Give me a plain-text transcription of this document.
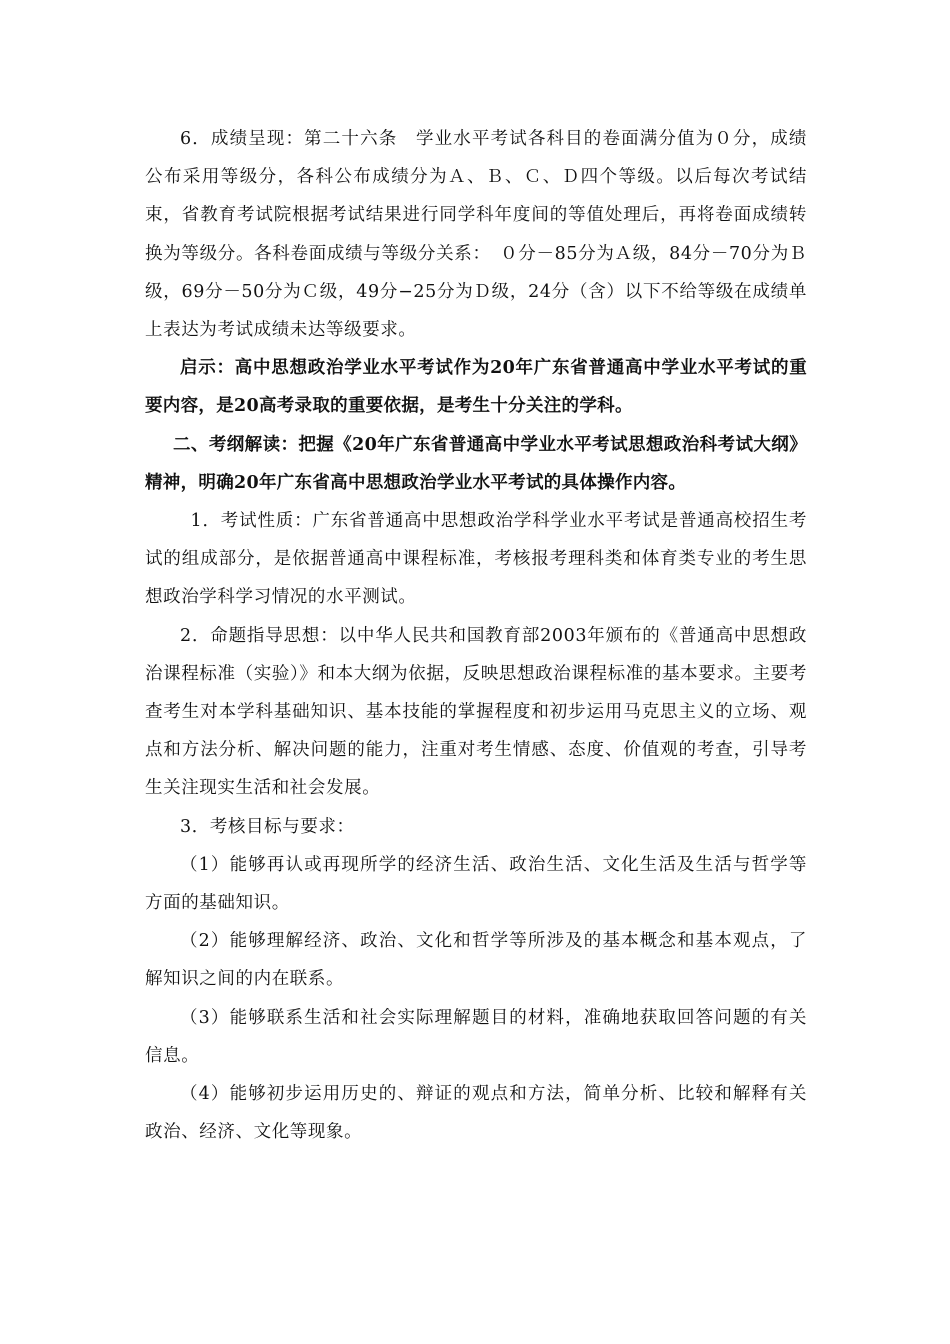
6．成绩呈现：第二十六条　学业水平考试各科目的卷面满分值为０分，成绩公布采用等级分，各科公布成绩分为Ａ、Ｂ、Ｃ、Ｄ四个等级。以后每次考试结束，省教育考试院根据考试结果进行同学科年度间的等值处理后，再将卷面成绩转换为等级分。各科卷面成绩与等级分关系：　０分－85分为Ａ级，84分－70分为Ｂ级，69分－50分为Ｃ级，49分−25分为Ｄ级，24分（含）以下不给等级在成绩单上表达为考试成绩未达等级要求。

启示：高中思想政治学业水平考试作为20年广东省普通高中学业水平考试的重要内容，是20高考录取的重要依据，是考生十分关注的学科。

二、考纲解读：把握《20年广东省普通高中学业水平考试思想政治科考试大纲》精神，明确20年广东省高中思想政治学业水平考试的具体操作内容。

1．考试性质：广东省普通高中思想政治学科学业水平考试是普通高校招生考试的组成部分，是依据普通高中课程标准，考核报考理科类和体育类专业的考生思想政治学科学习情况的水平测试。

2．命题指导思想：以中华人民共和国教育部2003年颁布的《普通高中思想政治课程标准（实验）》和本大纲为依据，反映思想政治课程标准的基本要求。主要考查考生对本学科基础知识、基本技能的掌握程度和初步运用马克思主义的立场、观点和方法分析、解决问题的能力，注重对考生情感、态度、价值观的考查，引导考生关注现实生活和社会发展。

3．考核目标与要求：

（1）能够再认或再现所学的经济生活、政治生活、文化生活及生活与哲学等方面的基础知识。

（2）能够理解经济、政治、文化和哲学等所涉及的基本概念和基本观点，了解知识之间的内在联系。

（3）能够联系生活和社会实际理解题目的材料，准确地获取回答问题的有关信息。

（4）能够初步运用历史的、辩证的观点和方法，简单分析、比较和解释有关政治、经济、文化等现象。
